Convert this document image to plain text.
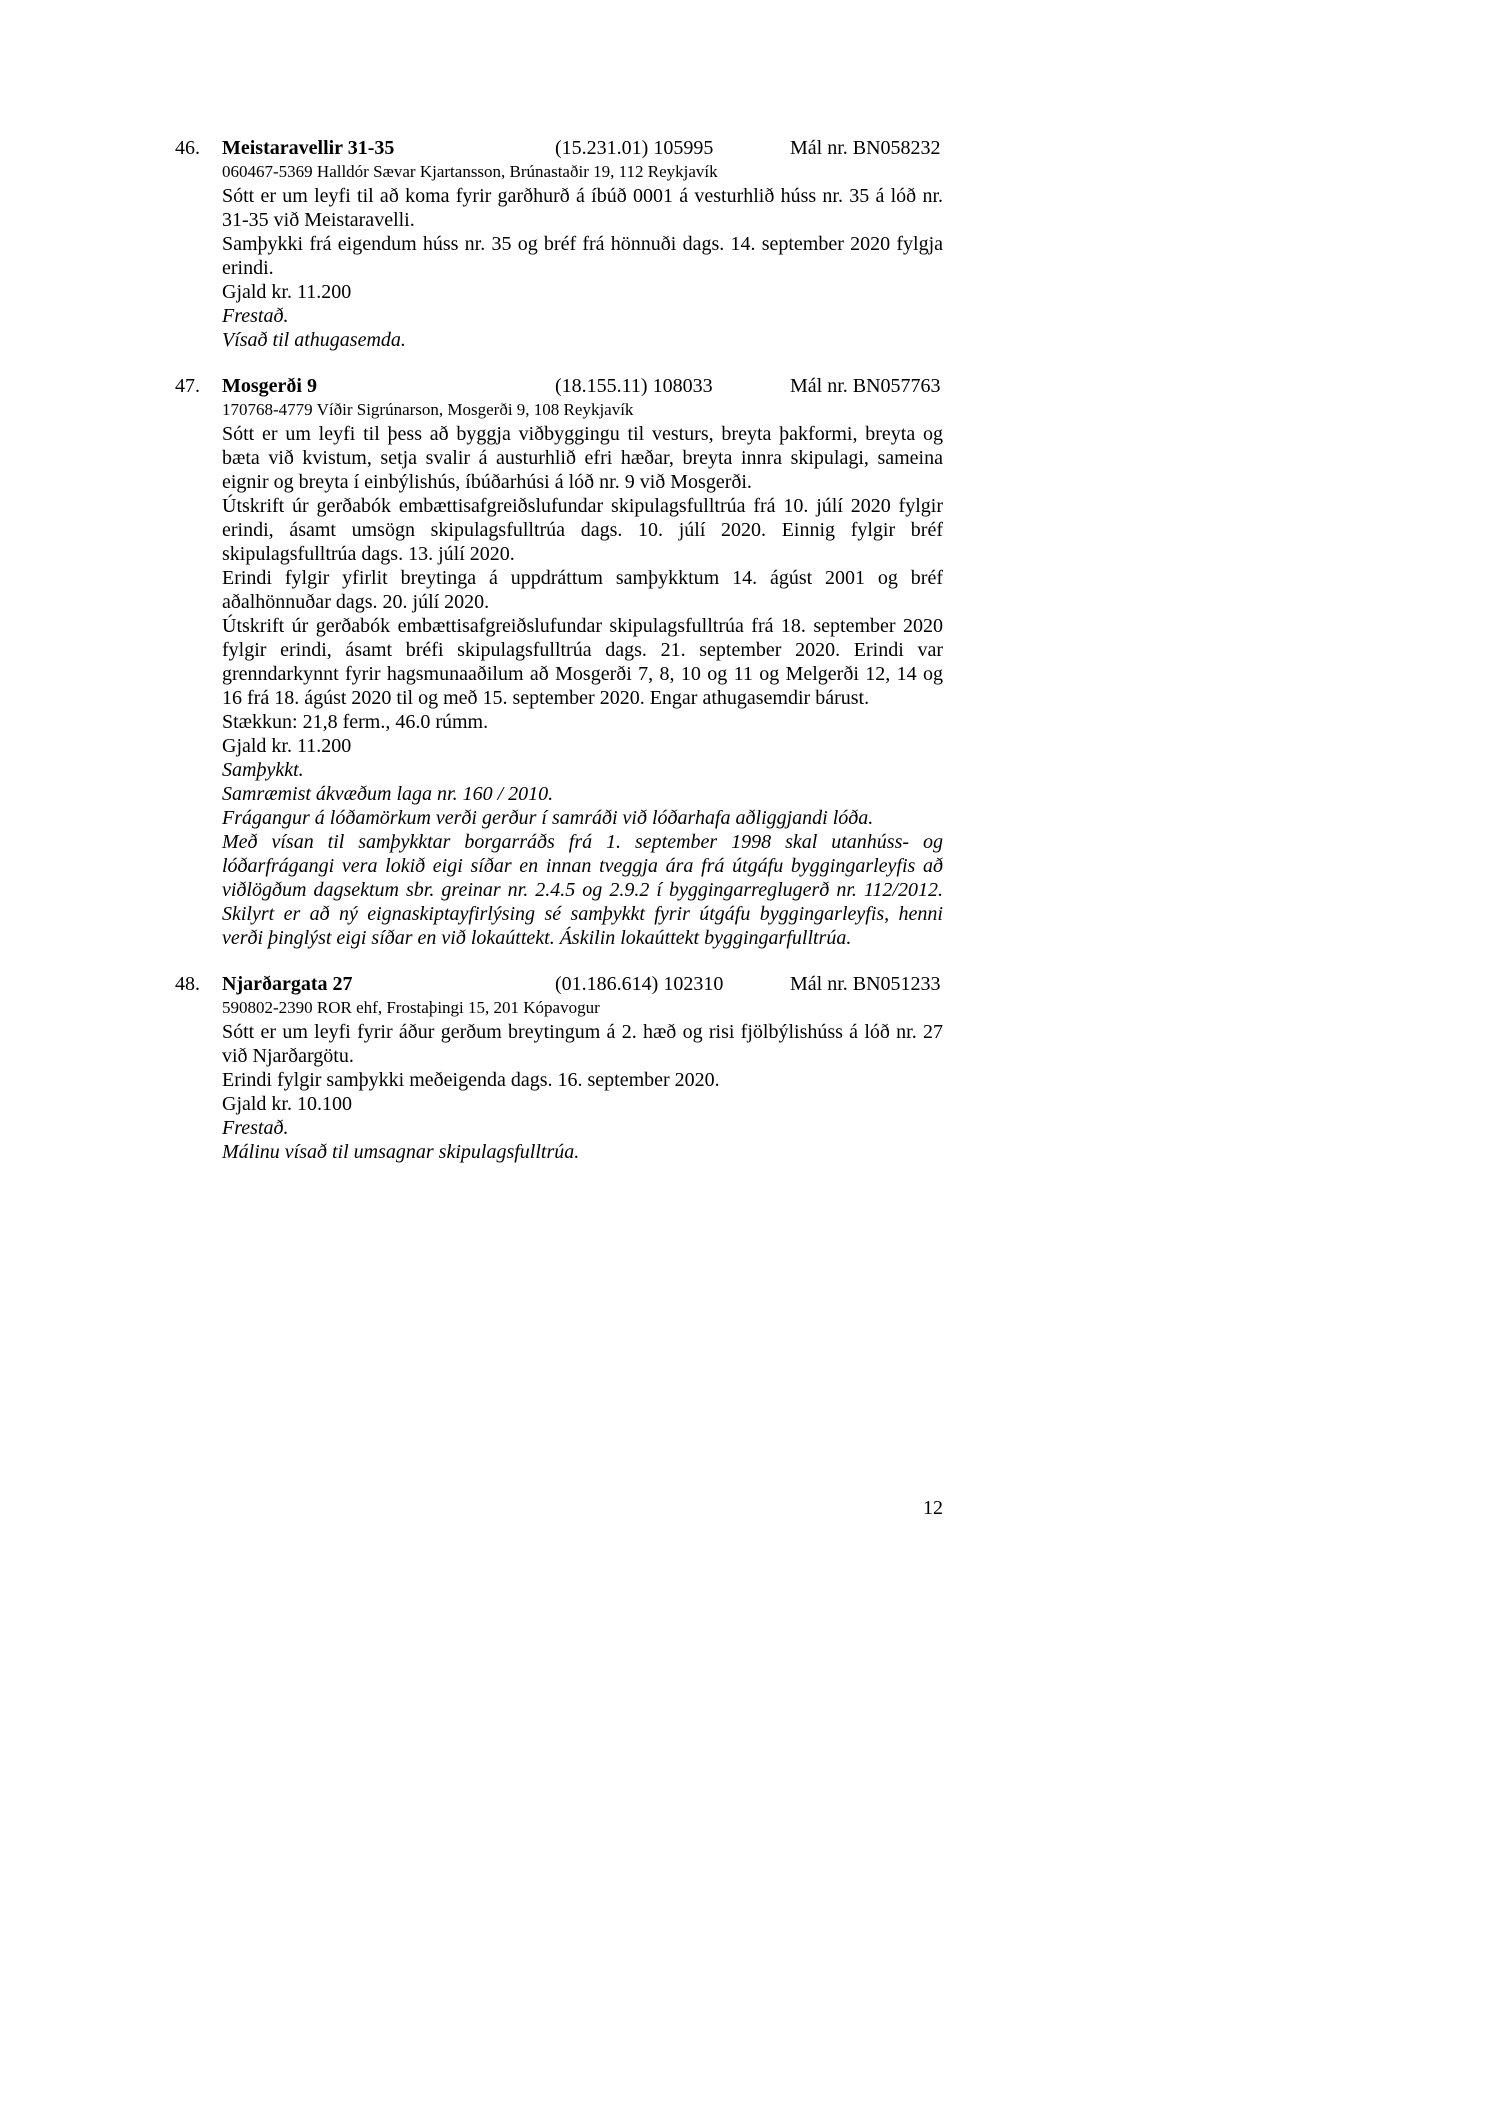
46.	Meistaravellir 31-35	(15.231.01) 105995	Mál nr. BN058232

060467-5369 Halldór Sævar Kjartansson, Brúnastaðir 19, 112 Reykjavík

Sótt er um leyfi til að koma fyrir garðhurð á íbúð 0001 á vesturhlið húss nr. 35 á lóð nr. 31-35 við Meistaravelli.

Samþykki frá eigendum húss nr. 35 og bréf frá hönnuði dags. 14. september 2020 fylgja erindi.

Gjald kr. 11.200

Frestað.

Vísað til athugasemda.

47.	Mosgerði 9	(18.155.11) 108033	Mál nr. BN057763

170768-4779 Víðir Sigrúnarson, Mosgerði 9, 108 Reykjavík

Sótt er um leyfi til þess að byggja viðbyggingu til vesturs, breyta þakformi, breyta og bæta við kvistum, setja svalir á austurhlið efri hæðar, breyta innra skipulagi, sameina eignir og breyta í einbýlishús, íbúðarhúsi á lóð nr. 9 við Mosgerði.

Útskrift úr gerðabók embættisafgreiðslufundar skipulagsfulltrúa frá 10. júlí 2020 fylgir erindi, ásamt umsögn skipulagsfulltrúa dags. 10. júlí 2020. Einnig fylgir bréf skipulagsfulltrúa dags. 13. júlí 2020.

Erindi fylgir yfirlit breytinga á uppdráttum samþykktum 14. ágúst 2001 og bréf aðalhönnuðar dags. 20. júlí 2020.

Útskrift úr gerðabók embættisafgreiðslufundar skipulagsfulltrúa frá 18. september 2020 fylgir erindi, ásamt bréfi skipulagsfulltrúa dags. 21. september 2020. Erindi var grenndarkynnt fyrir hagsmunaaðilum að Mosgerði 7, 8, 10 og 11 og Melgerði 12, 14 og 16 frá 18. ágúst 2020 til og með 15. september 2020. Engar athugasemdir bárust.

Stækkun: 21,8 ferm., 46.0 rúmm.

Gjald kr. 11.200

Samþykkt.

Samræmist ákvæðum laga nr. 160 / 2010.

Frágangur á lóðamörkum verði gerður í samráði við lóðarhafa aðliggjandi lóða.

Með vísan til samþykktar borgarráðs frá 1. september 1998 skal utanhúss- og lóðarfrágangi vera lokið eigi síðar en innan tveggja ára frá útgáfu byggingarleyfis að viðlögðum dagsektum sbr. greinar nr. 2.4.5 og 2.9.2 í byggingarreglugerð nr. 112/2012. Skilyrt er að ný eignaskiptayfirlýsing sé samþykkt fyrir útgáfu byggingarleyfis, henni verði þinglýst eigi síðar en við lokaúttekt. Áskilin lokaúttekt byggingarfulltrúa.

48.	Njarðargata 27	(01.186.614) 102310	Mál nr. BN051233

590802-2390 ROR ehf, Frostaþingi 15, 201 Kópavogur

Sótt er um leyfi fyrir áður gerðum breytingum á 2. hæð og risi fjölbýlishúss á lóð nr. 27 við Njarðargötu.

Erindi fylgir samþykki meðeigenda dags. 16. september 2020.

Gjald kr. 10.100

Frestað.

Málinu vísað til umsagnar skipulagsfulltrúa.

12
